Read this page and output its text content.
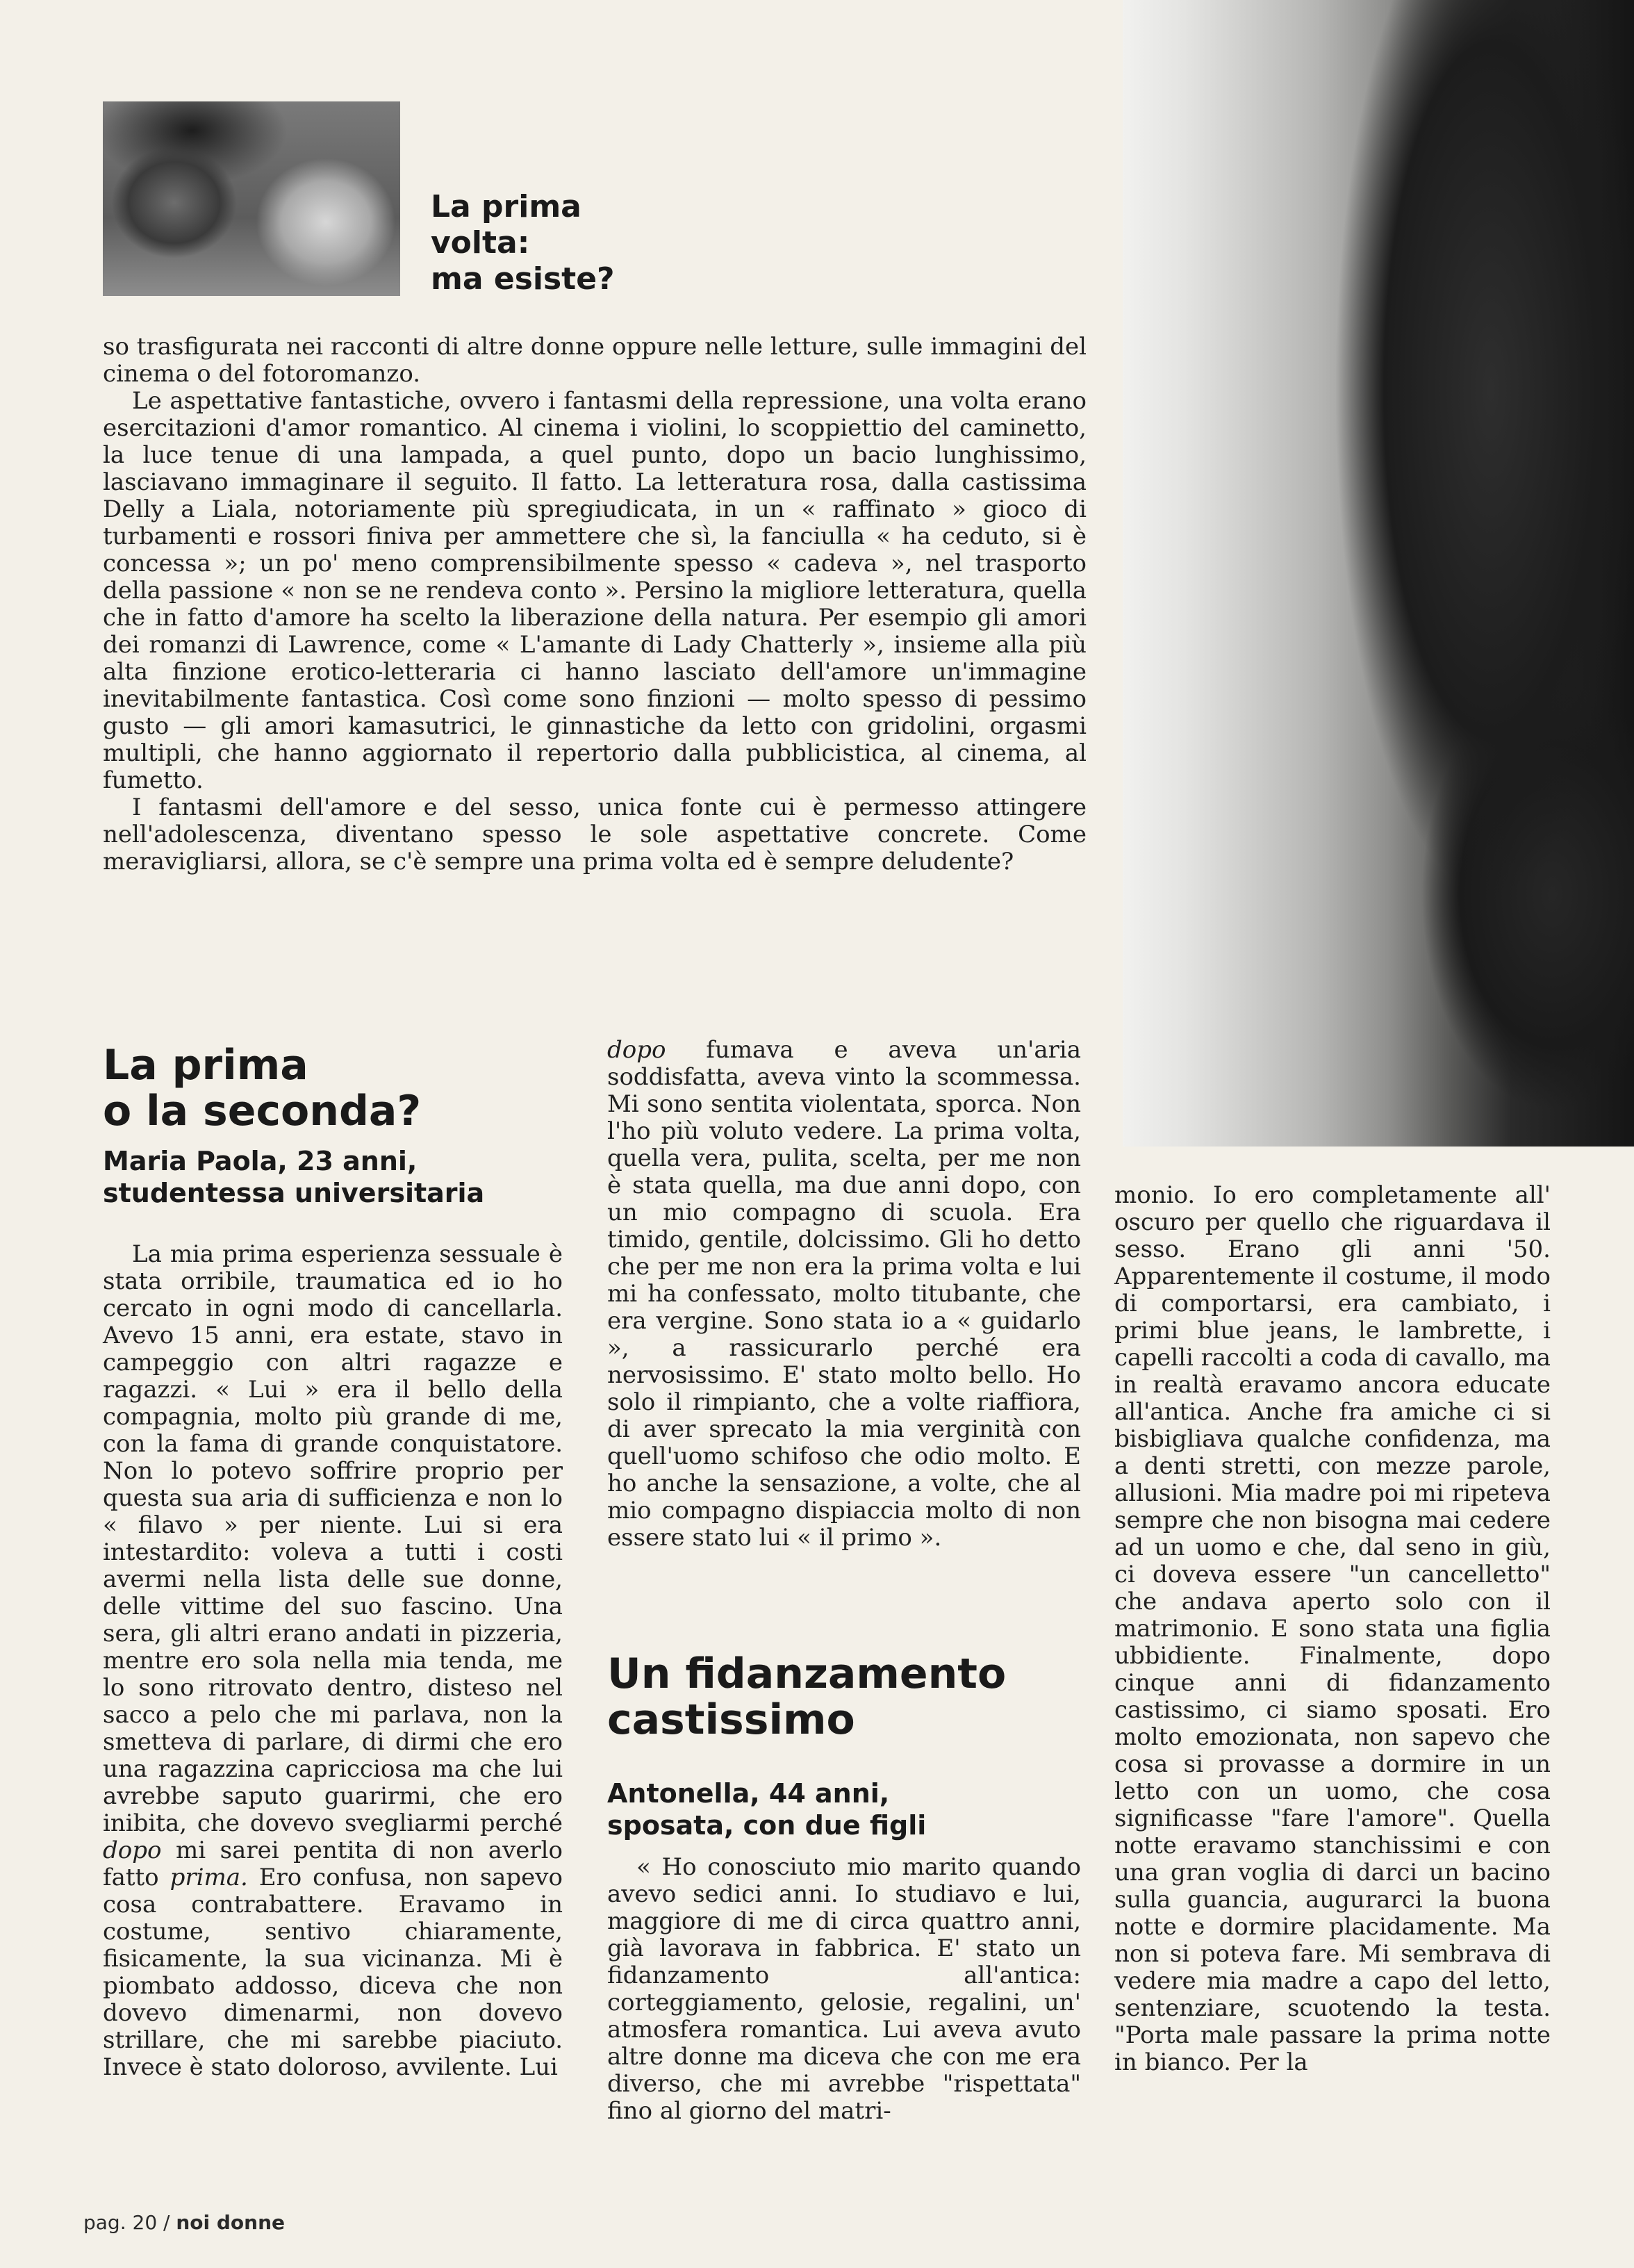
La prima
volta:
ma esiste?

so trasfigurata nei racconti di altre donne oppure nelle letture, sulle immagini del cinema o del fotoromanzo.

Le aspettative fantastiche, ovvero i fantasmi della repressione, una volta erano esercitazioni d'amor romantico. Al cinema i violini, lo scoppiettio del caminetto, la luce tenue di una lampada, a quel punto, dopo un bacio lunghissimo, lasciavano immaginare il seguito. Il fatto. La letteratura rosa, dalla castissima Delly a Liala, notoriamente più spregiudicata, in un « raffinato » gioco di turbamenti e rossori finiva per ammettere che sì, la fanciulla « ha ceduto, si è concessa »; un po' meno comprensibilmente spesso « cadeva », nel trasporto della passione « non se ne rendeva conto ». Persino la migliore letteratura, quella che in fatto d'amore ha scelto la liberazione della natura. Per esempio gli amori dei romanzi di Lawrence, come « L'amante di Lady Chatterly », insieme alla più alta finzione erotico-letteraria ci hanno lasciato dell'amore un'immagine inevitabilmente fantastica. Così come sono finzioni — molto spesso di pessimo gusto — gli amori kamasutrici, le ginnastiche da letto con gridolini, orgasmi multipli, che hanno aggiornato il repertorio dalla pubblicistica, al cinema, al fumetto.

I fantasmi dell'amore e del sesso, unica fonte cui è permesso attingere nell'adolescenza, diventano spesso le sole aspettative concrete. Come meravigliarsi, allora, se c'è sempre una prima volta ed è sempre deludente?

La prima
o la seconda?
Maria Paola, 23 anni,
studentessa universitaria

La mia prima esperienza sessuale è stata orribile, traumatica ed io ho cercato in ogni modo di cancellarla. Avevo 15 anni, era estate, stavo in campeggio con altri ragazze e ragazzi. « Lui » era il bello della compagnia, molto più grande di me, con la fama di grande conquistatore. Non lo potevo soffrire proprio per questa sua aria di sufficienza e non lo « filavo » per niente. Lui si era intestardito: voleva a tutti i costi avermi nella lista delle sue donne, delle vittime del suo fascino. Una sera, gli altri erano andati in pizzeria, mentre ero sola nella mia tenda, me lo sono ritrovato dentro, disteso nel sacco a pelo che mi parlava, non la smetteva di parlare, di dirmi che ero una ragazzina capricciosa ma che lui avrebbe saputo guarirmi, che ero inibita, che dovevo svegliarmi perché dopo mi sarei pentita di non averlo fatto prima. Ero confusa, non sapevo cosa contrabattere. Eravamo in costume, sentivo chiaramente, fisicamente, la sua vicinanza. Mi è piombato addosso, diceva che non dovevo dimenarmi, non dovevo strillare, che mi sarebbe piaciuto. Invece è stato doloroso, avvilente. Lui

dopo fumava e aveva un'aria soddisfatta, aveva vinto la scommessa. Mi sono sentita violentata, sporca. Non l'ho più voluto vedere. La prima volta, quella vera, pulita, scelta, per me non è stata quella, ma due anni dopo, con un mio compagno di scuola. Era timido, gentile, dolcissimo. Gli ho detto che per me non era la prima volta e lui mi ha confessato, molto titubante, che era vergine. Sono stata io a « guidarlo », a rassicurarlo perché era nervosissimo. E' stato molto bello. Ho solo il rimpianto, che a volte riaffiora, di aver sprecato la mia verginità con quell'uomo schifoso che odio molto. E ho anche la sensazione, a volte, che al mio compagno dispiaccia molto di non essere stato lui « il primo ».

Un fidanzamento
castissimo
Antonella, 44 anni,
sposata, con due figli

« Ho conosciuto mio marito quando avevo sedici anni. Io studiavo e lui, maggiore di me di circa quattro anni, già lavorava in fabbrica. E' stato un fidanzamento all'antica: corteggiamento, gelosie, regalini, un' atmosfera romantica. Lui aveva avuto altre donne ma diceva che con me era diverso, che mi avrebbe "rispettata" fino al giorno del matri-

monio. Io ero completamente all' oscuro per quello che riguardava il sesso. Erano gli anni '50. Apparentemente il costume, il modo di comportarsi, era cambiato, i primi blue jeans, le lambrette, i capelli raccolti a coda di cavallo, ma in realtà eravamo ancora educate all'antica. Anche fra amiche ci si bisbigliava qualche confidenza, ma a denti stretti, con mezze parole, allusioni. Mia madre poi mi ripeteva sempre che non bisogna mai cedere ad un uomo e che, dal seno in giù, ci doveva essere "un cancelletto" che andava aperto solo con il matrimonio. E sono stata una figlia ubbidiente. Finalmente, dopo cinque anni di fidanzamento castissimo, ci siamo sposati. Ero molto emozionata, non sapevo che cosa si provasse a dormire in un letto con un uomo, che cosa significasse "fare l'amore". Quella notte eravamo stanchissimi e con una gran voglia di darci un bacino sulla guancia, augurarci la buona notte e dormire placidamente. Ma non si poteva fare. Mi sembrava di vedere mia madre a capo del letto, sentenziare, scuotendo la testa. "Porta male passare la prima notte in bianco. Per la

pag. 20 / noi donne
